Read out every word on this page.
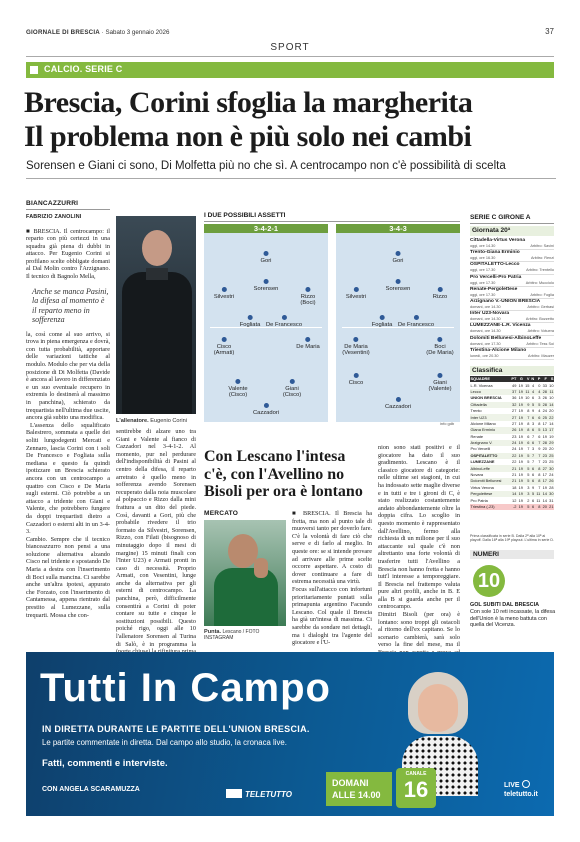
GIORNALE DI BRESCIA · Sabato 3 gennaio 2026	37
SPORT
CALCIO. SERIE C
Brescia, Corini sfoglia la margherita
Il problema non è più solo nei cambi
Sorensen e Giani ci sono, Di Molfetta più no che sì. A centrocampo non c'è possibilità di scelta
BIANCAZZURRI
FABRIZIO ZANOLINI
■ BRESCIA. Il centrocampo: il reparto con più certezzi in una squadra già piena di dubbi in attacco. Per Eugenio Corini si profilano scelte obbligate domani al Dal Molin contro l'Arzignano. Il tecnico di Bagnolo Mella,
Anche se manca Pasini, la difesa al momento è il reparto meno in sofferenza
la, così come al suo arrivo, si trova in piena emergenza e dovrà, con tutta probabilità, apportare delle variazioni tattiche al modulo. Modulo che per via della posizione di Di Molfetta (Davide è ancora al lavoro in differenziato e un suo eventuale recupero in extremis lo destinerà al massimo in panchina), schierato da trequartista nell'ultima due uscite, ancora già subito una modifica.
L'assenza dello squalificato Balestrero, sommata a quelle dei soliti lungodegenti Mercati e Zennaro, lascia Corini con i soli De Francesco e Fogliata sulla mediana e questo fa quindi ipotizzare un Brescia schierato ancora con un centrocampo a quattro con Cisco e De Maria sugli esterni. Ciò potrebbe a un attacco a tridente con Giani e Valente, che potrebbero fungere da doppi trequartisti dietro a Cazzadori o esterni alti in un 3-4-3.
Cambio. Sempre che il tecnico bianceazzurro non pensi a una soluzione alternativa alzando Cisco nel tridente e spostando De Maria a destra con l'inserimento di Boci sulla mancina. Ci sarebbe anche un'altra ipotesi, appurato che Forzato, con l'inserimento di Cantamessa, appena rientrato dal prestito al Lumezzane, sulla trequarti. Mossa che con-
L'allenatore. Eugenio Corini
sentirebbe di alzare uno tra Giani e Valente al fianco di Cazzadori nel 3-4-1-2. Al momento, pur nel perdurare dell'indisponibilità di Pasini al centro della difesa, il reparto arretrato è quello meno in sofferenza avendo Sorensen recuperato dalla noia muscolare al polpaccio e Rizzo dalla mini fratturа a un dito del piede. Così, davanti a Gori, più che probabile rivedere il trio formato da Silvestri, Sorensen, Rizzo, con Filati (bisognoso di minutaggio dopo il mesi di margine) 15 minuti finali con l'Inter U23) e Armati pronti in caso di necessità. Proprio Armati, con Vesentini, lunge anche da alternativa per gli esterni di centrocampo. La panchina, però, difficilmente consentirà a Corini di poter contare su tutte e cinque le sostituzioni possibili. Questo poiché rigo, oggi alle 10 l'allenatore Sorensen al Turina di Salò, è in programma la
I DUE POSSIBILI ASSETTI
3-4-2-1
Gori
Sorensen
Silvestri	Rizzo
(Boci)
Fogliata De Francesco
Cisco
(Armati)
De Maria
Valente
(Cisco)
Giani
(Cisco)
Cazzadori
3-4-3
Gori
Sorensen
Silvestri	Rizzo
Fogliata De Francesco
De Maria
(Vesentini)
Boci
(De Maria)
Cisco	Giani
(Valente)
Cazzadori
info gdb
Con Lescano l'intesa c'è, con l'Avellino no Bisoli per ora è lontano
MERCATO
Punta. Lescano / FOTO INSTAGRAM
■ BRESCIA. Il Brescia ha fretta, ma non al punto tale di muoversi tanto per doverlo fare. C'è la volontà di fare ciò che serve e di farlo al meglio. In queste ore: se si intende provare ad arrivare alle prime scelte occorre aspettare. A costo di dover continuare a fare di estrema necessità una virtù.
Focus sull'attacco con infortuni prioritariamente puntati sulla primapunta argentino Facundo Lescano. Col quale il Brescia ha già un'intesa di massima. Ci sarebbe da sondare nei dettagli, ma i dialoghi tra l'agente del giocatore e l'U-
nion sono stati positivi e il giocatore ha dato il suo gradimento. Lescano è il classico giocatore di categorie: nelle ultime sei stagioni, in cui ha indossato sette maglie diverse e in tutti e tre i gironi di C, è stato realizzato costantemente andato abbondantemente oltre la doppia cifra. Lo scoglio in questo momento è rappresentato dall'Avellino, fermo alla richiesta di un milione per il suo attaccante sul quale c'è non altrettanto una forte volontà di trasferire tutti l'Avellino a Brescia non hanno fretta e hanno tutt'l interesse a temporeggiare. Il Brescia nel frattempo valuta pure altri profili, anche in B. E alla B si guarda anche per il centrocampo.
Dimitri Bisoli (per ora) è lontano: sono troppi gli ostacoli al ritorno dell'ex capitano. Se lo scenario cambierà, sarà solo verso la fine del mese, ma il
SERIE C GIRONE A
Giornata 20ª
Cittadella-Virtus Verona
oggi, ore 14.30	Arbitro: Savini
Trento-Giana Erminio
oggi, ore 16.30	Arbitro: Renzi
OSPITALETTO-Lecco
oggi, ore 17.30	Arbitro: Trentello
Pro Vercelli-Pro Patria
oggi, ore 17.30	Arbitro: Mucciolo
Renate-Pergolettese
oggi, ore 17.30	Arbitro: Foglia
Arzignano V.-UNION BRESCIA
domani, ore 14.30	Arbitro: Gerbasi
Inter U23-Novara
domani, ore 14.30	Arbitro: Bozzetto
LUMEZZANE-L.R. Vicenza
domani, ore 14.30	Arbitro: Votuera
Dolomiti Bellunesi-AlbinoLeffe
domani, ore 17.30	Arbitro: Tess Soi
Triestina-Alcione Milano
lunedì, ore 20.30	Arbitro: Mauzer
Classifica
SQUADRE	PT	G	V	N	P	F	S
L.R. Vicenza	49	19	15	4	0	33	10
Lecco	37	19	11	4	4	28	11
UNION BRESCIA	36	19	10	6	3	26	10
Cittadella	32	19	9	5	5	28	14
Trento	27	19	8	9	4	24	20
Inter U23	27	19	7	6	6	25	22
Alcione Milano	27	19	8	3	8	17	14
Giana Erminio	26	19	8	6	5	13	17
Renate	23	19	6	7	6	19	19
Arzignano V.	24	19	6	6	7	28	29
Pro Vercelli	24	19	7	3	9	20	20
OSPITALETTO	22	19	5	7	7	23	25
LUMEZZANE	22	19	5	7	7	23	25
AlbinoLeffe	21	19	5	6	8	27	30
Novara	21	19	5	6	8	17	24
Dolomiti Bellunesi	21	19	5	6	8	17	26
Virtus Verona	18	19	3	9	7	19	28
Pergolettese	14	19	3	5	11	14	30
Pro Patria	12	19	2	6	11	14	31
Triestina (-23)	-2	19	5	6	8	20	21
Prima classificata in serie B. Dalla 2ª alla 10ª ai playoff. Dalla 16ª alla 19ª playout. L'ultima in serie D.
NUMERI
10
GOL SUBITI DAL BRESCIA
Con sole 10 reti incassate, la difesa dell'Union è la meno battuta con quella del Vicenza.
Tutti In Campo
IN DIRETTA DURANTE LE PARTITE DELL'UNION BRESCIA.
Le partite commentate in diretta. Dal campo allo studio, la cronaca live.
Fatti, commenti e interviste.
CON ANGELA SCARAMUZZA
TELETUTTO
DOMANI
ALLE 14.00
CANALE
16	LIVE
teletutto.it
